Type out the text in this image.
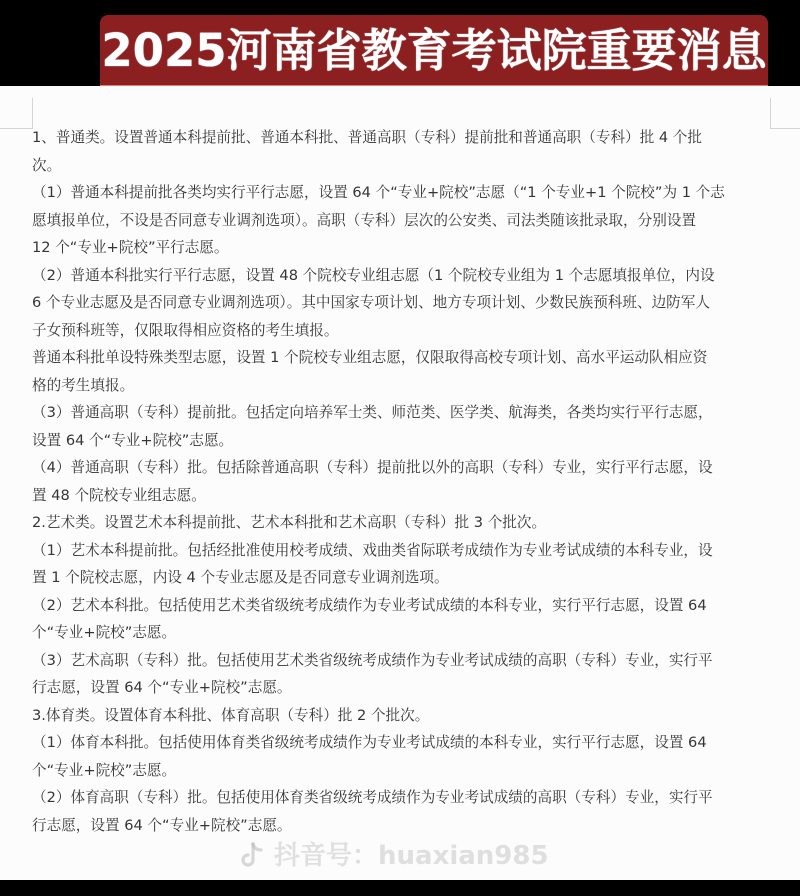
2025河南省教育考试院重要消息
1、普通类。设置普通本科提前批、普通本科批、普通高职（专科）提前批和普通高职（专科）批 4 个批
次。
（1）普通本科提前批各类均实行平行志愿，设置 64 个“专业+院校”志愿（“1 个专业+1 个院校”为 1 个志
愿填报单位，不设是否同意专业调剂选项）。高职（专科）层次的公安类、司法类随该批录取，分别设置
12 个“专业+院校”平行志愿。
（2）普通本科批实行平行志愿，设置 48 个院校专业组志愿（1 个院校专业组为 1 个志愿填报单位，内设
6 个专业志愿及是否同意专业调剂选项）。其中国家专项计划、地方专项计划、少数民族预科班、边防军人
子女预科班等，仅限取得相应资格的考生填报。
普通本科批单设特殊类型志愿，设置 1 个院校专业组志愿，仅限取得高校专项计划、高水平运动队相应资
格的考生填报。
（3）普通高职（专科）提前批。包括定向培养军士类、师范类、医学类、航海类，各类均实行平行志愿，
设置 64 个“专业+院校”志愿。
（4）普通高职（专科）批。包括除普通高职（专科）提前批以外的高职（专科）专业，实行平行志愿，设
置 48 个院校专业组志愿。
2.艺术类。设置艺术本科提前批、艺术本科批和艺术高职（专科）批 3 个批次。
（1）艺术本科提前批。包括经批准使用校考成绩、戏曲类省际联考成绩作为专业考试成绩的本科专业，设
置 1 个院校志愿，内设 4 个专业志愿及是否同意专业调剂选项。
（2）艺术本科批。包括使用艺术类省级统考成绩作为专业考试成绩的本科专业，实行平行志愿，设置 64
个“专业+院校”志愿。
（3）艺术高职（专科）批。包括使用艺术类省级统考成绩作为专业考试成绩的高职（专科）专业，实行平
行志愿，设置 64 个“专业+院校”志愿。
3.体育类。设置体育本科批、体育高职（专科）批 2 个批次。
（1）体育本科批。包括使用体育类省级统考成绩作为专业考试成绩的本科专业，实行平行志愿，设置 64
个“专业+院校”志愿。
（2）体育高职（专科）批。包括使用体育类省级统考成绩作为专业考试成绩的高职（专科）专业，实行平
行志愿，设置 64 个“专业+院校”志愿。
抖音号：huaxian985
